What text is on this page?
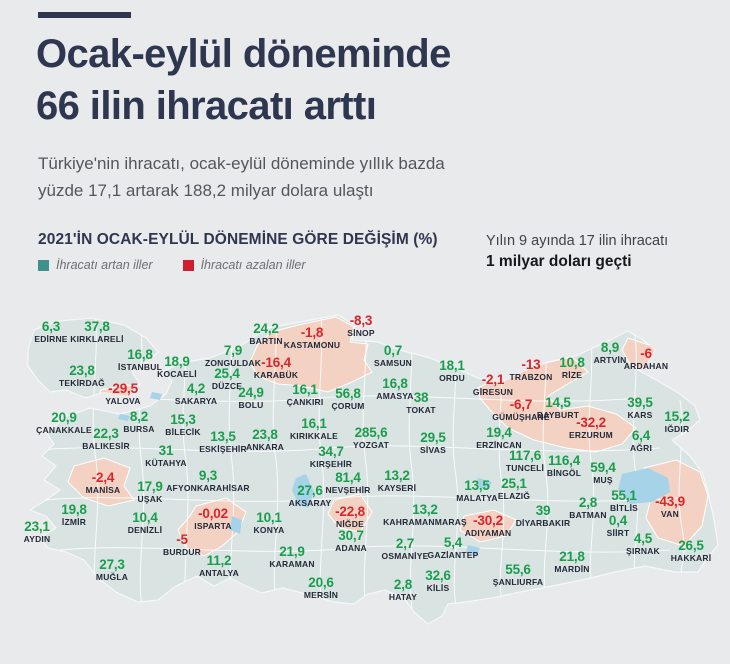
Ocak-eylül döneminde
66 ilin ihracatı arttı
Türkiye'nin ihracatı, ocak-eylül döneminde yıllık bazda
yüzde 17,1 artarak 188,2 milyar dolara ulaştı
2021'İN OCAK-EYLÜL DÖNEMİNE GÖRE DEĞİŞİM (%)
İhracatı artan iller	İhracatı azalan iller
Yılın 9 ayında 17 ilin ihracatı
1 milyar doları geçti
6,3
EDİRNE
37,8
KIRKLARELİ
16,8
İSTANBUL
23,8
TEKİRDAĞ -29,5
YALOVA
18,9
KOCAELİ
7,9
ZONGULDAK
25,4
DÜZCE
4,2
SAKARYA
24,9
BOLU
24,2
BARTIN
-1,8
KASTAMONU
-16,4
KARABÜK
-8,3
SİNOP
0,7
SAMSUN 18,1
ORDU	-2,1
GİRESUN
-13
TRABZON
10,8
RİZE
8,9
ARTVİN	-6
ARDAHAN
39,5
KARS 15,2
IĞDIR
6,4
AĞRI
-6,7
GÜMÜŞHANE
14,5
BAYBURT
-32,2
ERZURUM
19,4
ERZİNCAN
20,9
ÇANAKKALE
8,2
BURSA
15,3
BİLECİK
22,3
BALIKESİR	31
KÜTAHYA
13,5
ESKİŞEHİR
23,8
ANKARA
16,1
KIRIKKALE
16,1
ÇANKIRI
56,8
ÇORUM
16,8
AMASYA 38
TOKAT
285,6
YOZGAT 29,5
SİVAS
34,7
KIRŞEHİR
81,4
NEVŞEHİR
13,2
KAYSERİ
27,6
AKSARAY
-2,4
MANİSA 17,9
UŞAK
9,3
AFYONKARAHİSAR
19,8
İZMİR
23,1
AYDIN
10,4
DENİZLİ
-0,02
ISPARTA
-5
BURDUR
10,1
KONYA
27,3
MUĞLA
11,2
ANTALYA
21,9
KARAMAN
20,6
MERSİN
30,7
ADANA
-22,8
NİĞDE
2,7
OSMANİYE
2,8
HATAY
13,2
KAHRAMANMARAŞ
5,4
GAZİANTEP
32,6
KİLİS
-30,2
ADIYAMAN
13,5
MALATYA
25,1
ELAZIĞ
117,6
TUNCELİ 116,4
BİNGÖL 59,4
MUŞ
55,1
BİTLİS -43,9
VAN
39
DİYARBAKIR
2,8
BATMAN 0,4
SİİRT 4,5
ŞIRNAK	26,5
HAKKARİ
21,8
MARDİN
55,6
ŞANLIURFA
